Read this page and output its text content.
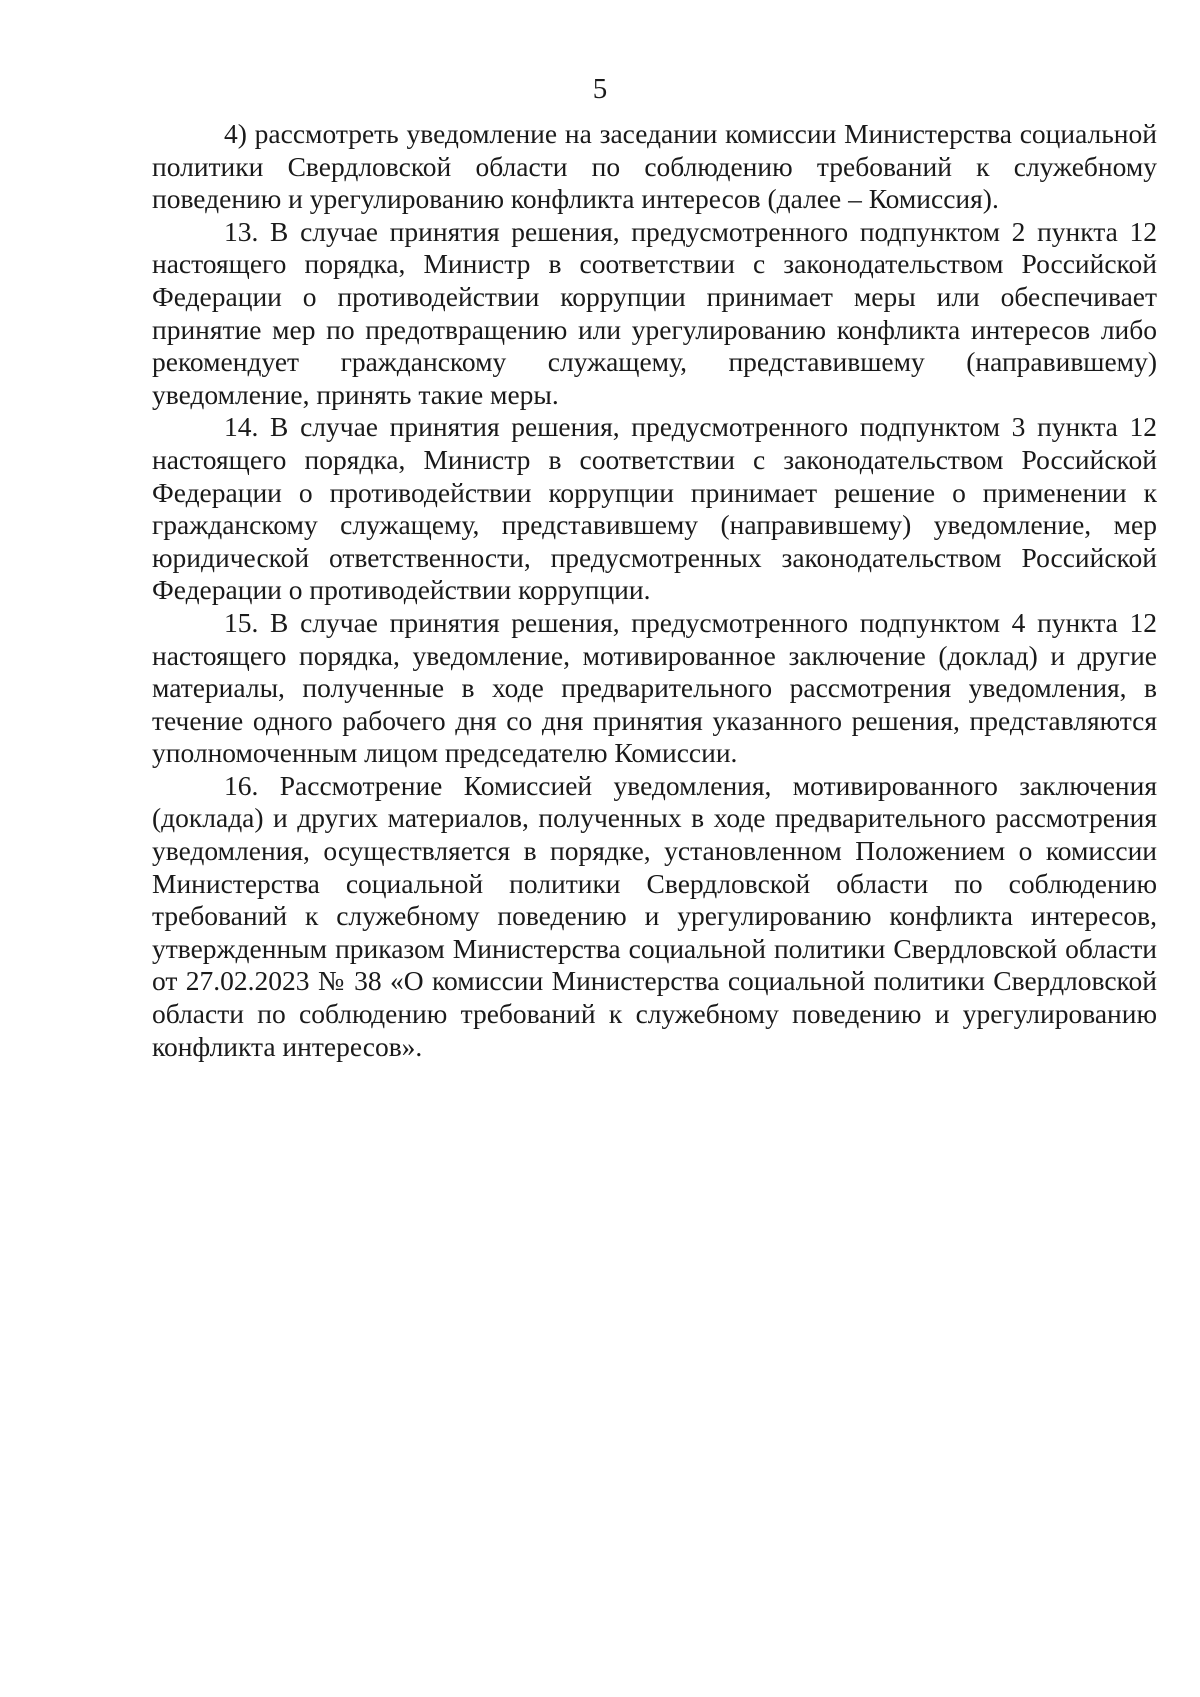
5

4) рассмотреть уведомление на заседании комиссии Министерства социальной политики Свердловской области по соблюдению требований к служебному поведению и урегулированию конфликта интересов (далее – Комиссия).

13. В случае принятия решения, предусмотренного подпунктом 2 пункта 12 настоящего порядка, Министр в соответствии с законодательством Российской Федерации о противодействии коррупции принимает меры или обеспечивает принятие мер по предотвращению или урегулированию конфликта интересов либо рекомендует гражданскому служащему, представившему (направившему) уведомление, принять такие меры.

14. В случае принятия решения, предусмотренного подпунктом 3 пункта 12 настоящего порядка, Министр в соответствии с законодательством Российской Федерации о противодействии коррупции принимает решение о применении к гражданскому служащему, представившему (направившему) уведомление, мер юридической ответственности, предусмотренных законодательством Российской Федерации о противодействии коррупции.

15. В случае принятия решения, предусмотренного подпунктом 4 пункта 12 настоящего порядка, уведомление, мотивированное заключение (доклад) и другие материалы, полученные в ходе предварительного рассмотрения уведомления, в течение одного рабочего дня со дня принятия указанного решения, представляются уполномоченным лицом председателю Комиссии.

16. Рассмотрение Комиссией уведомления, мотивированного заключения (доклада) и других материалов, полученных в ходе предварительного рассмотрения уведомления, осуществляется в порядке, установленном Положением о комиссии Министерства социальной политики Свердловской области по соблюдению требований к служебному поведению и урегулированию конфликта интересов, утвержденным приказом Министерства социальной политики Свердловской области от 27.02.2023 № 38 «О комиссии Министерства социальной политики Свердловской области по соблюдению требований к служебному поведению и урегулированию конфликта интересов».
